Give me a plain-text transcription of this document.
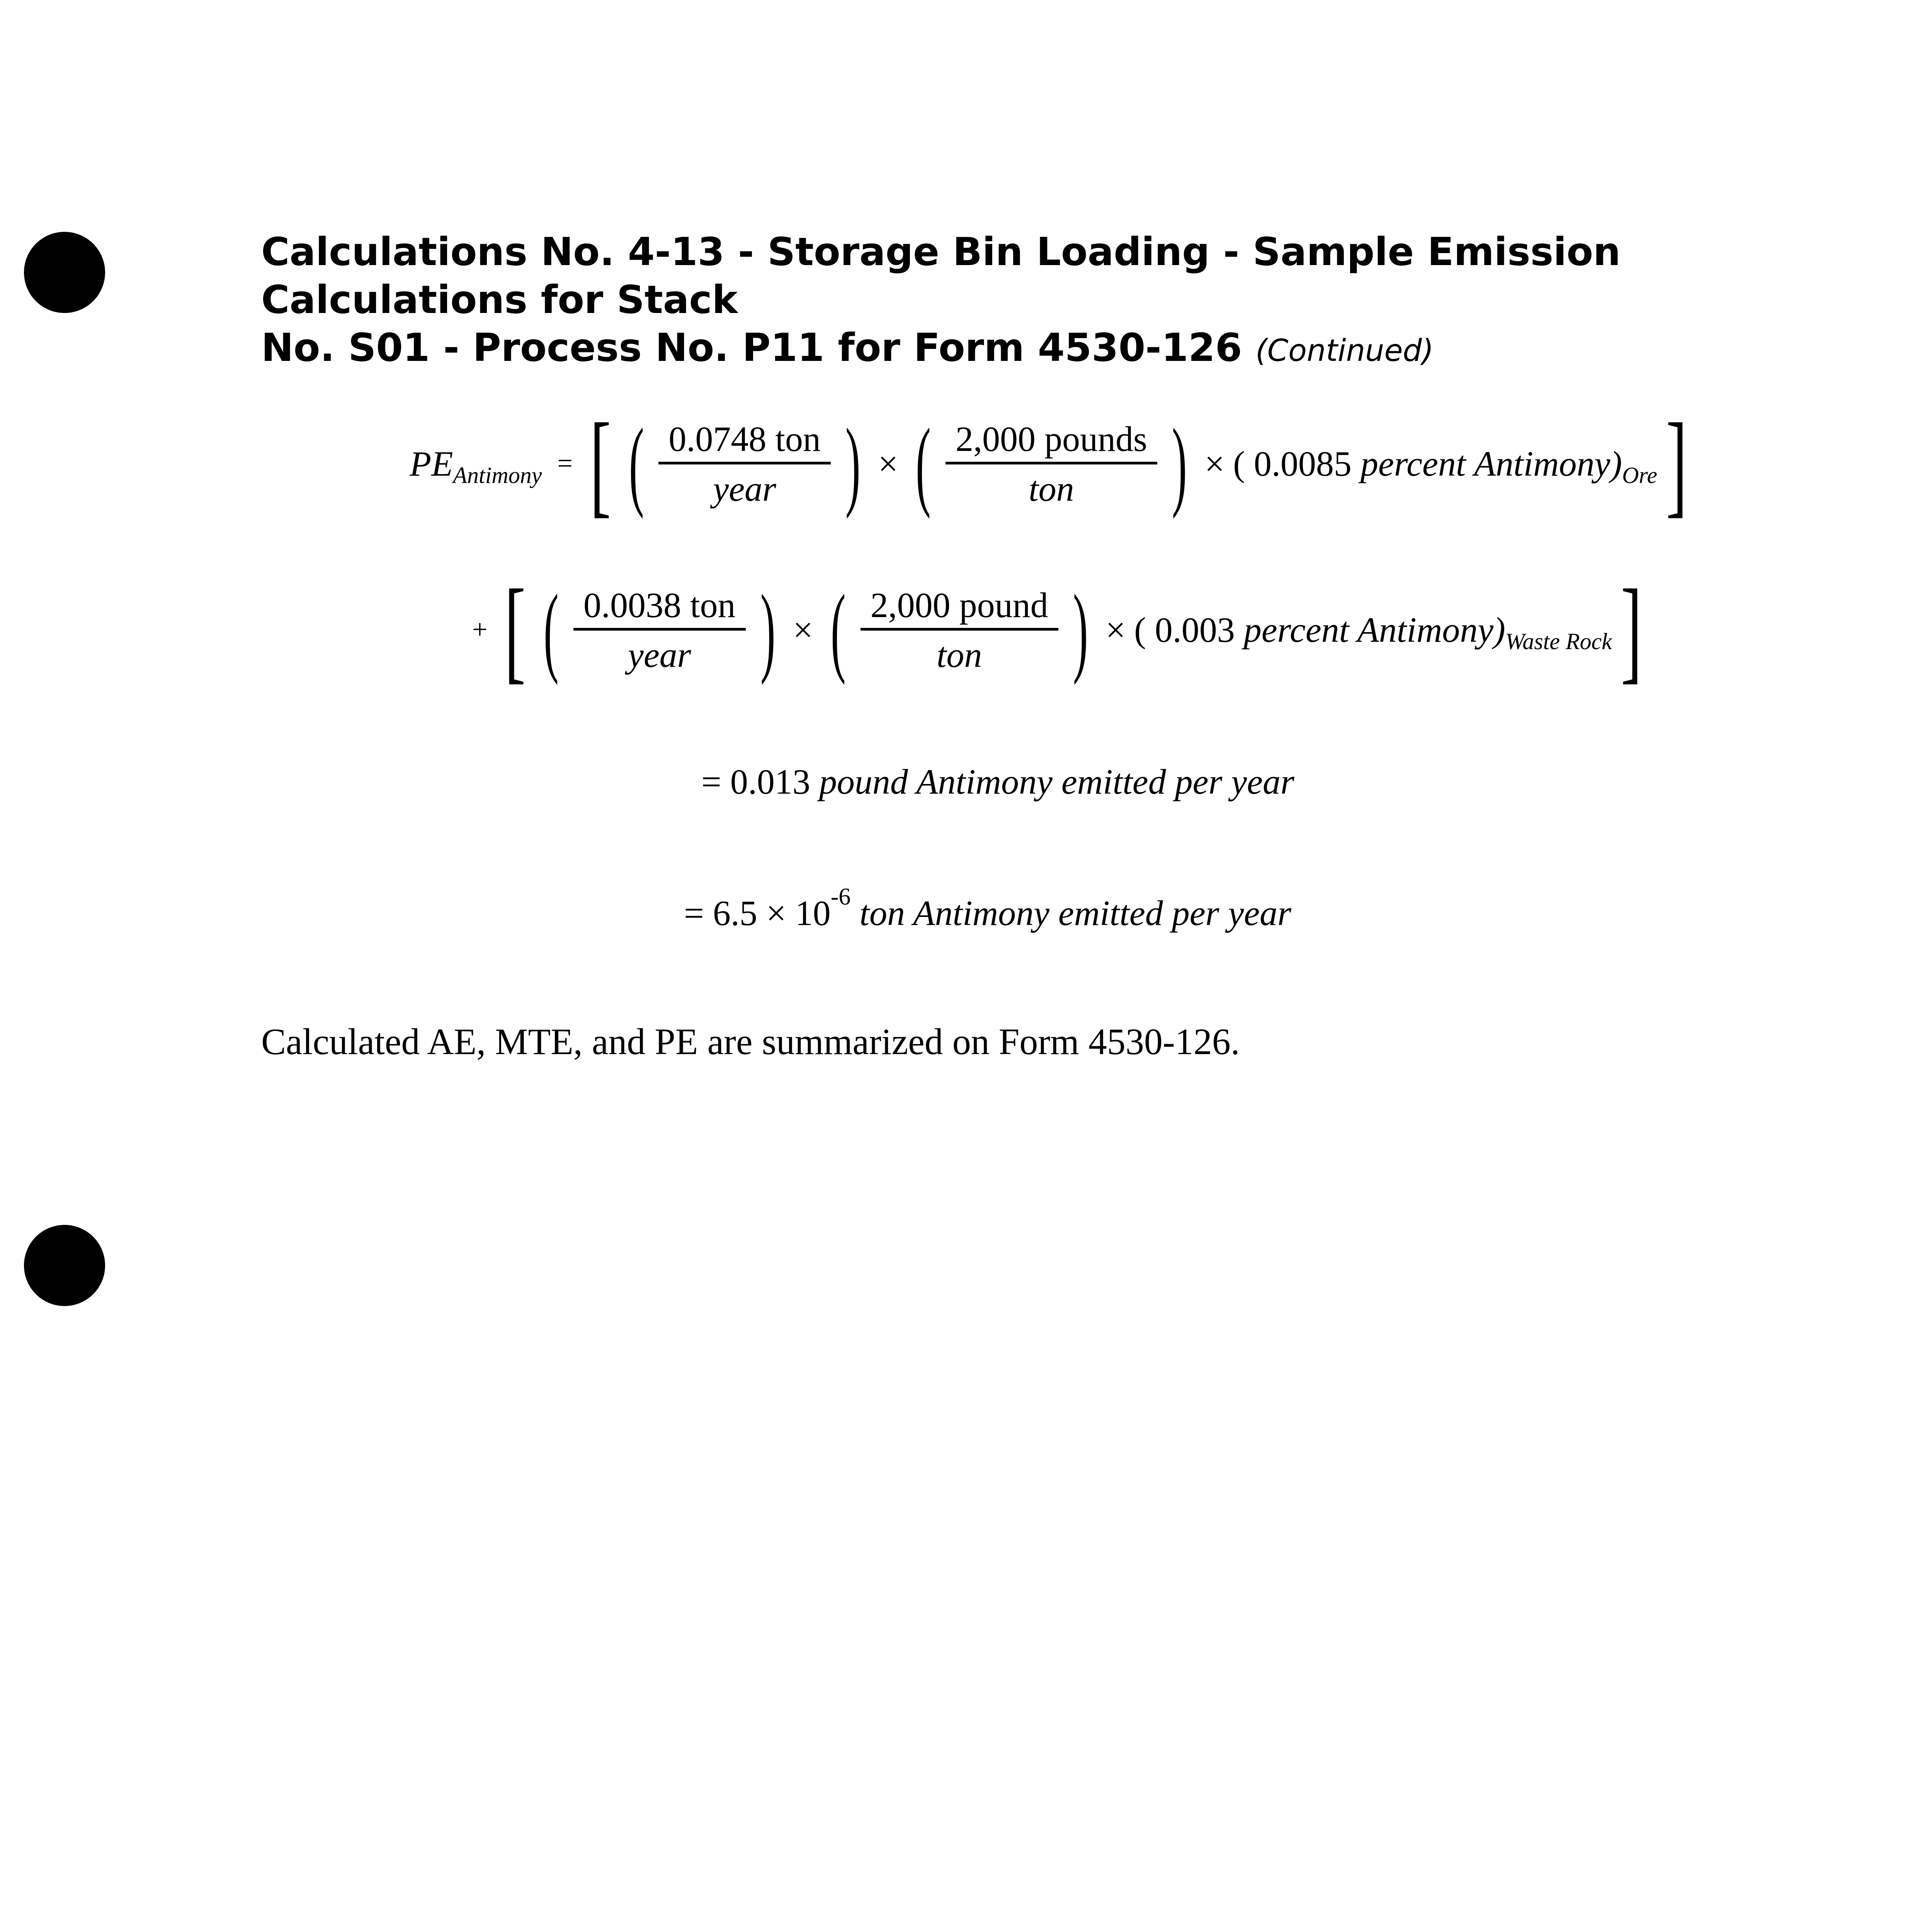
Calculations No. 4-13 - Storage Bin Loading - Sample Emission Calculations for Stack
No. S01 - Process No. P11 for Form 4530-126 (Continued)
PE Antimony = [ ( $\frac{\text{0.0748 ton}}{\text{year}}$ ) × ( $\frac{\text{2,000 pounds}}{\text{ton}}$ ) × ( 0.0085
percent Antimony) Ore ]
+ [ ( $\frac{\text{0.0038 ton}}{\text{year}}$ ) × ( $\frac{\text{2,000 pound}}{\text{ton}}$ ) × ( 0.003
percent Antimony) Waste Rock ]
= 0.013
pound Antimony emitted per year
= 6.5 × 10 -6
ton Antimony emitted per year
Calculated AE, MTE, and PE are summarized on Form 4530-126.
